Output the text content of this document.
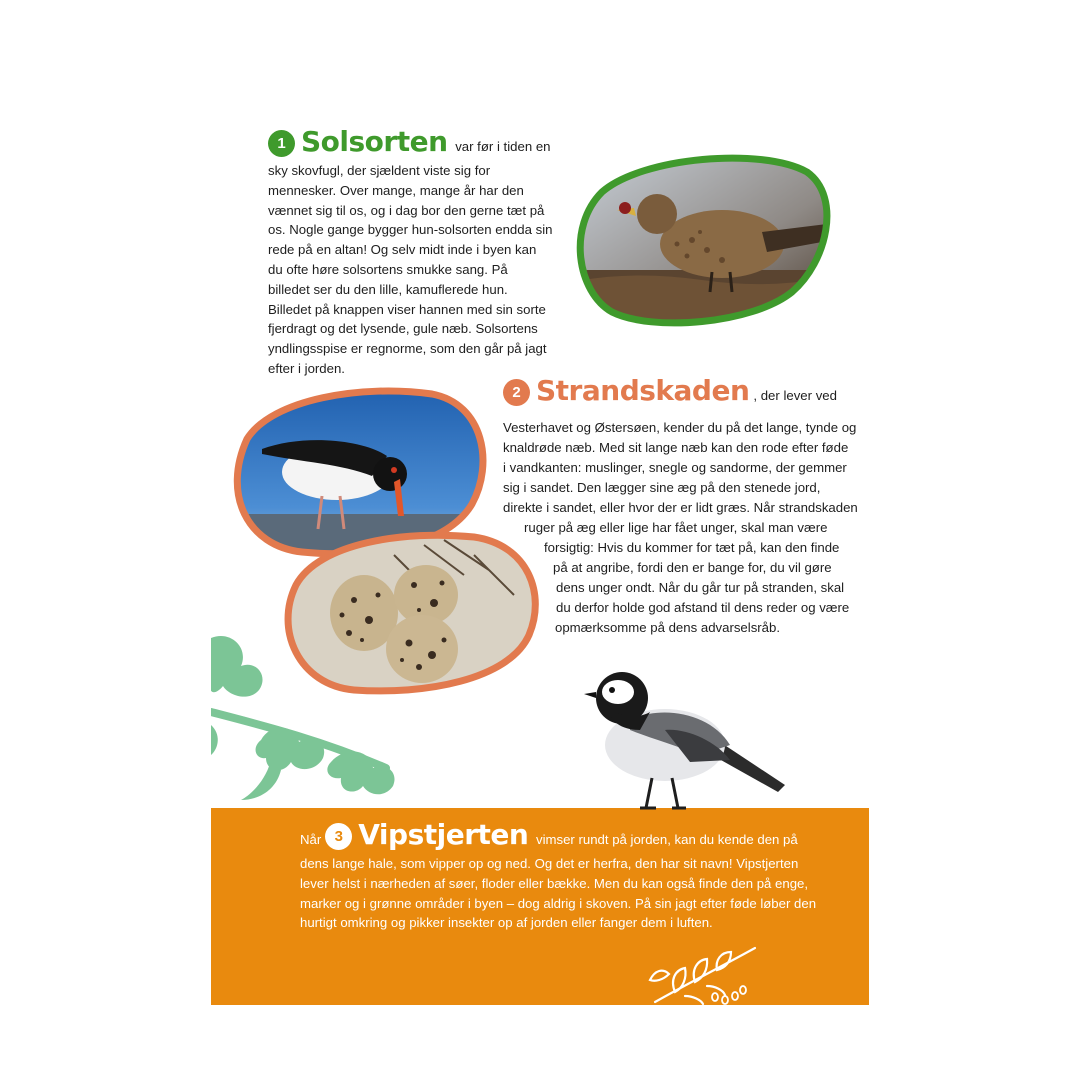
1 Solsorten var før i tiden en sky skovfugl, der sjældent viste sig for mennesker. Over mange, mange år har den vænnet sig til os, og i dag bor den gerne tæt på os. Nogle gange bygger hun-solsorten endda sin rede på en altan! Og selv midt inde i byen kan du ofte høre solsortens smukke sang. På billedet ser du den lille, kamuflerede hun. Billedet på knappen viser hannen med sin sorte fjerdragt og det lysende, gule næb. Solsortens yndlingsspise er regnorme, som den går på jagt efter i jorden.

2 Strandskaden , der lever ved

Vesterhavet og Østersøen, kender du på det lange, tynde og

knaldrøde næb. Med sit lange næb kan den rode efter føde

i vandkanten: muslinger, snegle og sandorme, der gemmer

sig i sandet. Den lægger sine æg på den stenede jord,

direkte i sandet, eller hvor der er lidt græs. Når strandskaden

ruger på æg eller lige har fået unger, skal man være

forsigtig: Hvis du kommer for tæt på, kan den finde

på at angribe, fordi den er bange for, du vil gøre

dens unger ondt. Når du går tur på stranden, skal

du derfor holde god afstand til dens reder og være

opmærksomme på dens advarselsråb.

Når 3 Vipstjerten vimser rundt på jorden, kan du kende den på dens lange hale, som vipper op og ned. Og det er herfra, den har sit navn! Vipstjerten lever helst i nærheden af søer, floder eller bække. Men du kan også finde den på enge, marker og i grønne områder i byen – dog aldrig i skoven. På sin jagt efter føde løber den hurtigt omkring og pikker insekter op af jorden eller fanger dem i luften.
